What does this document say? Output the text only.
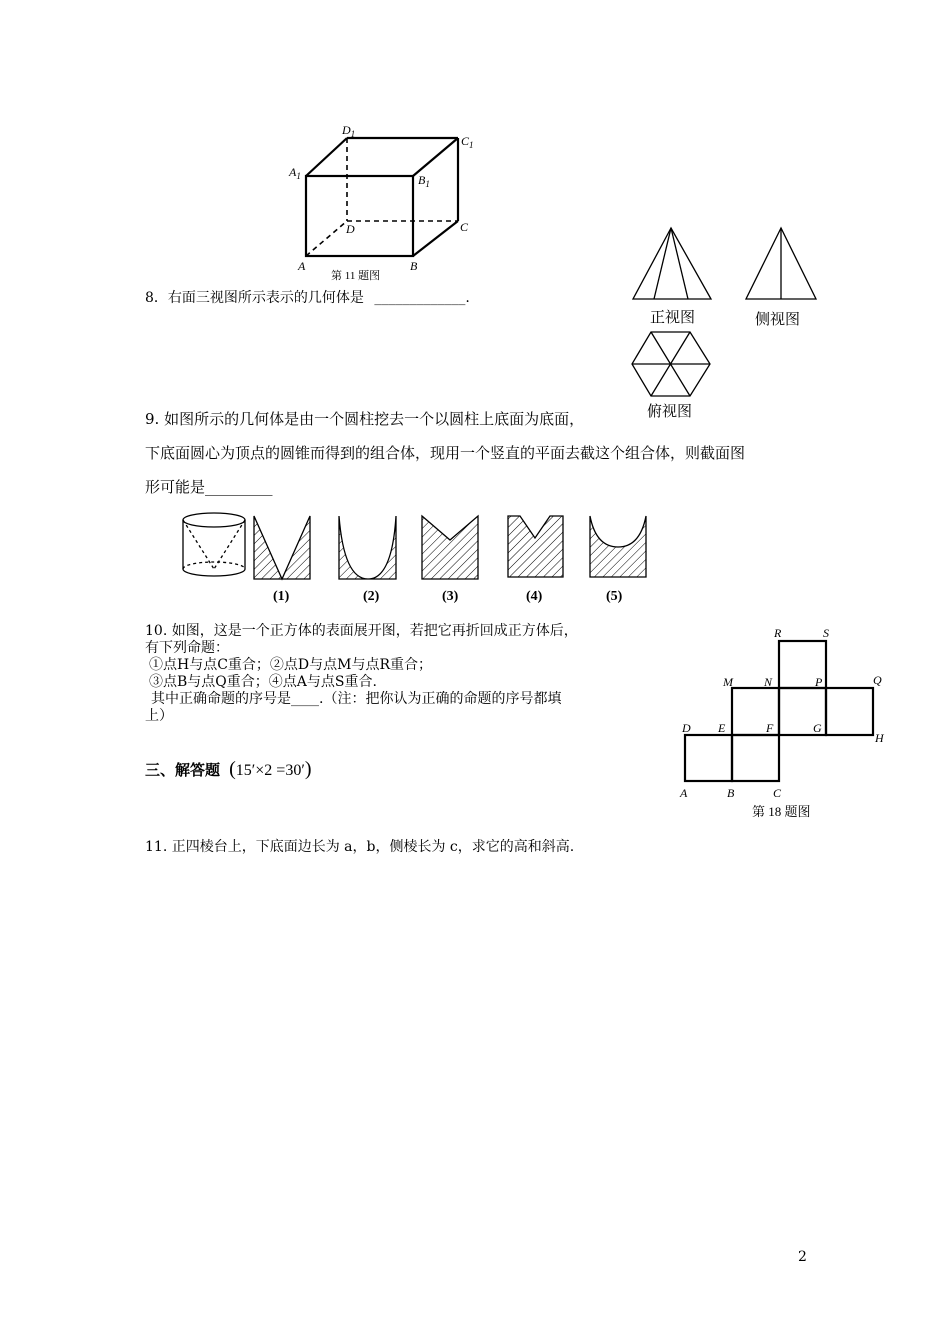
$D_1$	$C_1$
$A_1$	$B_1$
D	C
A	B
第 11 题图
8．右面三视图所示表示的几何体是 _____________.
正视图	侧视图
俯视图
9. 如图所示的几何体是由一个圆柱挖去一个以圆柱上底面为底面，
下底面圆心为顶点的圆锥而得到的组合体，现用一个竖直的平面去截这个组合体，则截面图
形可能是_________
(1)	(2)	(3)	(4)	(5)
10. 如图，这是一个正方体的表面展开图，若把它再折回成正方体后，
有下列命题：
①点H与点C重合；②点D与点M与点R重合；
③点B与点Q重合；④点A与点S重合.
其中正确命题的序号是____.（注：把你认为正确的命题的序号都填
上）
R	S
M	N	P	Q
D E	F	G
H
A	B	C
第 18 题图
三、解答题 (15′×2 =30′)
11. 正四棱台上，下底面边长为 a，b，侧棱长为 c，求它的高和斜高.
2
